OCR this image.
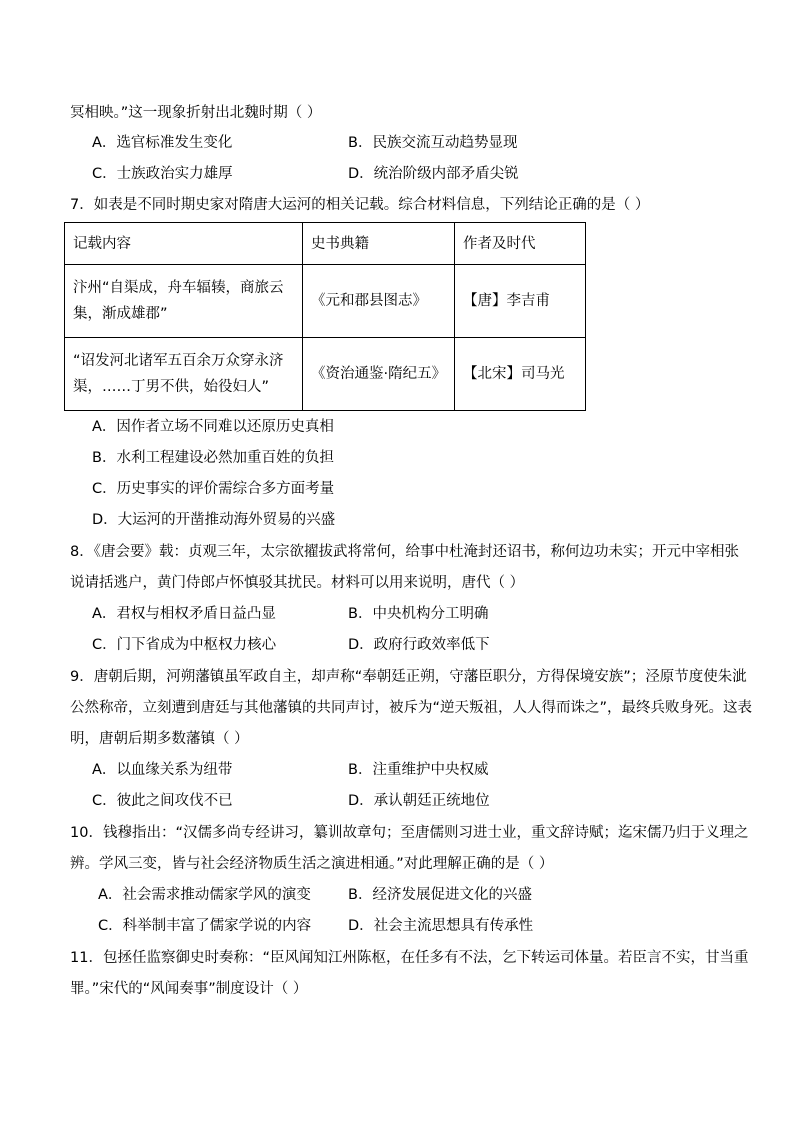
冥相映。”这一现象折射出北魏时期（ ）
A．选官标准发生变化	B．民族交流互动趋势显现
C．士族政治实力雄厚	D．统治阶级内部矛盾尖锐
7．如表是不同时期史家对隋唐大运河的相关记载。综合材料信息，下列结论正确的是（ ）
记载内容	史书典籍	作者及时代
汴州“自渠成，舟车辐辏，商旅云集，渐成雄郡”	《元和郡县图志》	【唐】李吉甫
“诏发河北诸军五百余万众穿永济渠，……丁男不供，始役妇人”	《资治通鉴·隋纪五》	【北宋】司马光
A．因作者立场不同难以还原历史真相
B．水利工程建设必然加重百姓的负担
C．历史事实的评价需综合多方面考量
D．大运河的开凿推动海外贸易的兴盛
8．《唐会要》载：贞观三年，太宗欲擢拔武将常何，给事中杜淹封还诏书，称何边功未实；开元中宰相张
说请括逃户，黄门侍郎卢怀慎驳其扰民。材料可以用来说明，唐代（ ）
A．君权与相权矛盾日益凸显	B．中央机构分工明确
C．门下省成为中枢权力核心	D．政府行政效率低下
9．唐朝后期，河朔藩镇虽军政自主，却声称“奉朝廷正朔，守藩臣职分，方得保境安族”；泾原节度使朱泚
公然称帝，立刻遭到唐廷与其他藩镇的共同声讨，被斥为“逆天叛祖，人人得而诛之”，最终兵败身死。这表
明，唐朝后期多数藩镇（ ）
A．以血缘关系为纽带	B．注重维护中央权威
C．彼此之间攻伐不已	D．承认朝廷正统地位
10．钱穆指出：“汉儒多尚专经讲习，纂训故章句；至唐儒则习进士业，重文辞诗赋；迄宋儒乃归于义理之
辨。学风三变，皆与社会经济物质生活之演进相通。”对此理解正确的是（ ）
A．社会需求推动儒家学风的演变	B．经济发展促进文化的兴盛
C．科举制丰富了儒家学说的内容	D．社会主流思想具有传承性
11．包拯任监察御史时奏称：“臣风闻知江州陈枢，在任多有不法，乞下转运司体量。若臣言不实，甘当重
罪。”宋代的“风闻奏事”制度设计（ ）
